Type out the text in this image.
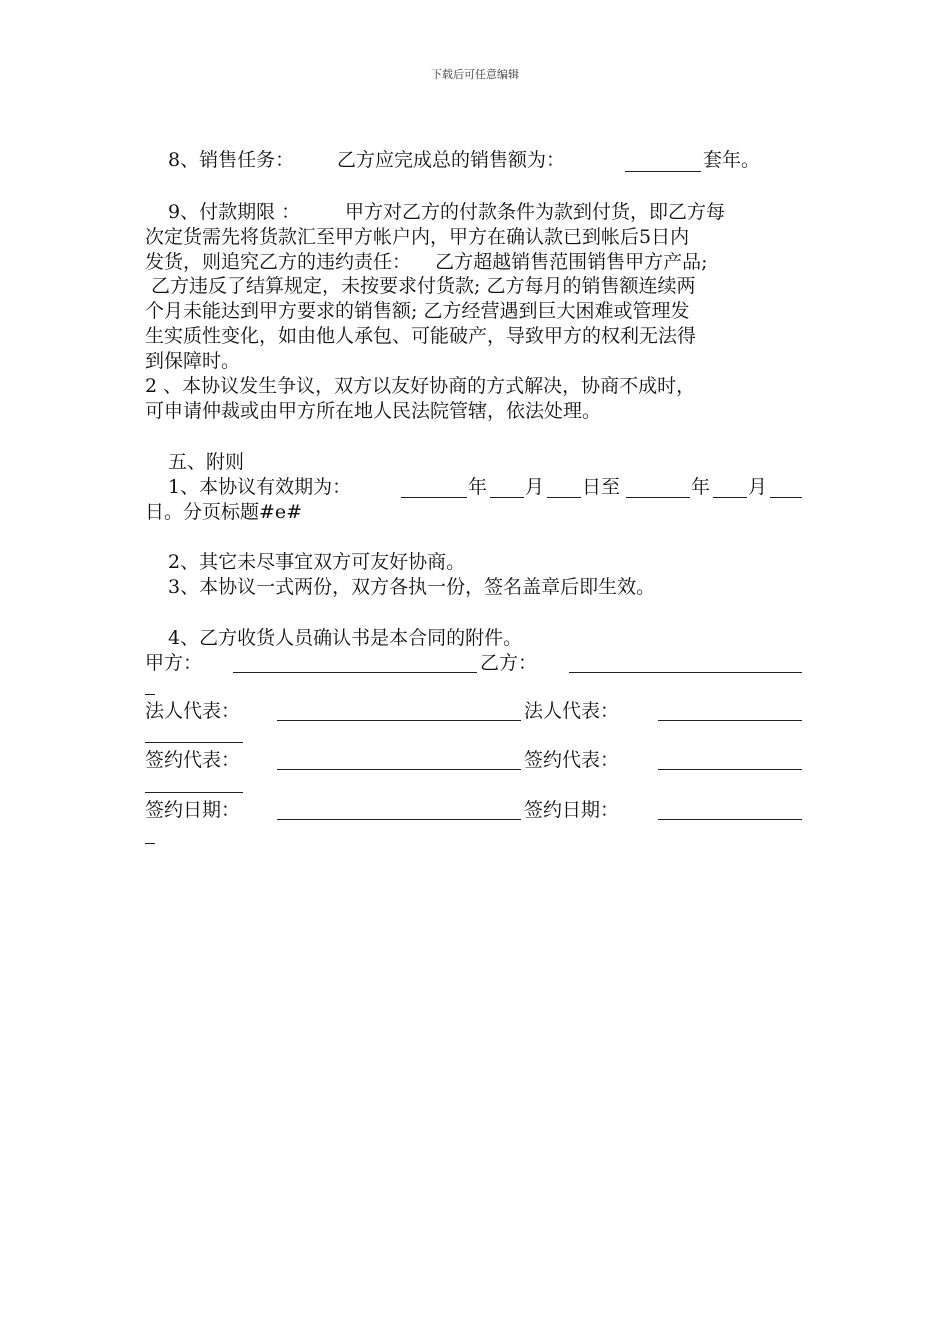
下载后可任意编辑
8、销售任务： 乙方应完成总的销售额为：	套年。
9、付款期限 ： 甲方对乙方的付款条件为款到付货，即乙方每
次定货需先将货款汇至甲方帐户内，甲方在确认款已到帐后5日内
发货，则追究乙方的违约责任：    乙方超越销售范围销售甲方产品;
乙方违反了结算规定，未按要求付货款; 乙方每月的销售额连续两
个月未能达到甲方要求的销售额; 乙方经营遇到巨大困难或管理发
生实质性变化，如由他人承包、可能破产，导致甲方的权利无法得
到保障时。
2 、本协议发生争议，双方以友好协商的方式解决，协商不成时，
可申请仲裁或由甲方所在地人民法院管辖，依法处理。
五、附则
1、本协议有效期为：	年 月 日至	年 月
日。分页标题#e#
2、其它未尽事宜双方可友好协商。
3、本协议一式两份，双方各执一份，签名盖章后即生效。
4、乙方收货人员确认书是本合同的附件。
甲方：	乙方：
法人代表：	法人代表：
签约代表：	签约代表：
签约日期：	签约日期：
